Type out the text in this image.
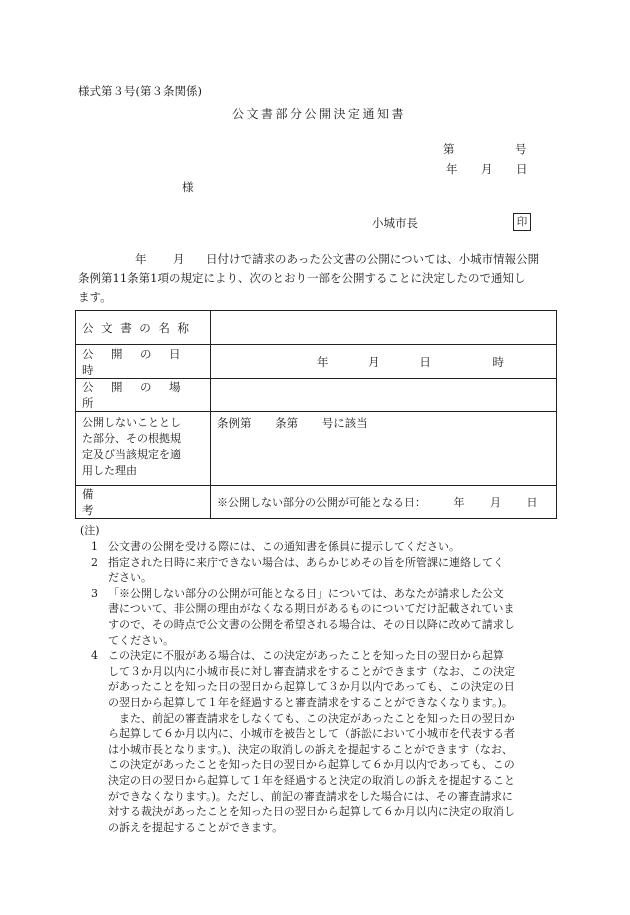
様式第３号(第３条関係)
公文書部分公開決定通知書
第	号
年 月 日
様
小城市長	印
年 月 日付けで請求のあった公文書の公開については、小城市情報公開
条例第11条第1項の規定により、次のとおり一部を公開することに決定したので通知し
ます。
公文書の名称	

公開の日時	年 月 日 時
公開の場所	

公開しないこととし
た部分、その根拠規
定及び当該規定を適
用した理由	条例第 条第 号に該当

備考	※公開しない部分の公開が可能となる日： 年 月 日
(注)
1 公文書の公開を受ける際には、この通知書を係員に提示してください。
2 指定された日時に来庁できない場合は、あらかじめその旨を所管課に連絡してく
ださい。
3 「※公開しない部分の公開が可能となる日」については、あなたが請求した公文
書について、非公開の理由がなくなる期日があるものについてだけ記載されていま
すので、その時点で公文書の公開を希望される場合は、その日以降に改めて請求し
てください。
4 この決定に不服がある場合は、この決定があったことを知った日の翌日から起算
して３か月以内に小城市長に対し審査請求をすることができます（なお、この決定
があったことを知った日の翌日から起算して３か月以内であっても、この決定の日
の翌日から起算して１年を経過すると審査請求をすることができなくなります。)。
また、前記の審査請求をしなくても、この決定があったことを知った日の翌日か
ら起算して６か月以内に、小城市を被告として（訴訟において小城市を代表する者
は小城市長となります。)、決定の取消しの訴えを提起することができます（なお、
この決定があったことを知った日の翌日から起算して６か月以内であっても、この
決定の日の翌日から起算して１年を経過すると決定の取消しの訴えを提起すること
ができなくなります。)。ただし、前記の審査請求をした場合には、その審査請求に
対する裁決があったことを知った日の翌日から起算して６か月以内に決定の取消し
の訴えを提起することができます。
